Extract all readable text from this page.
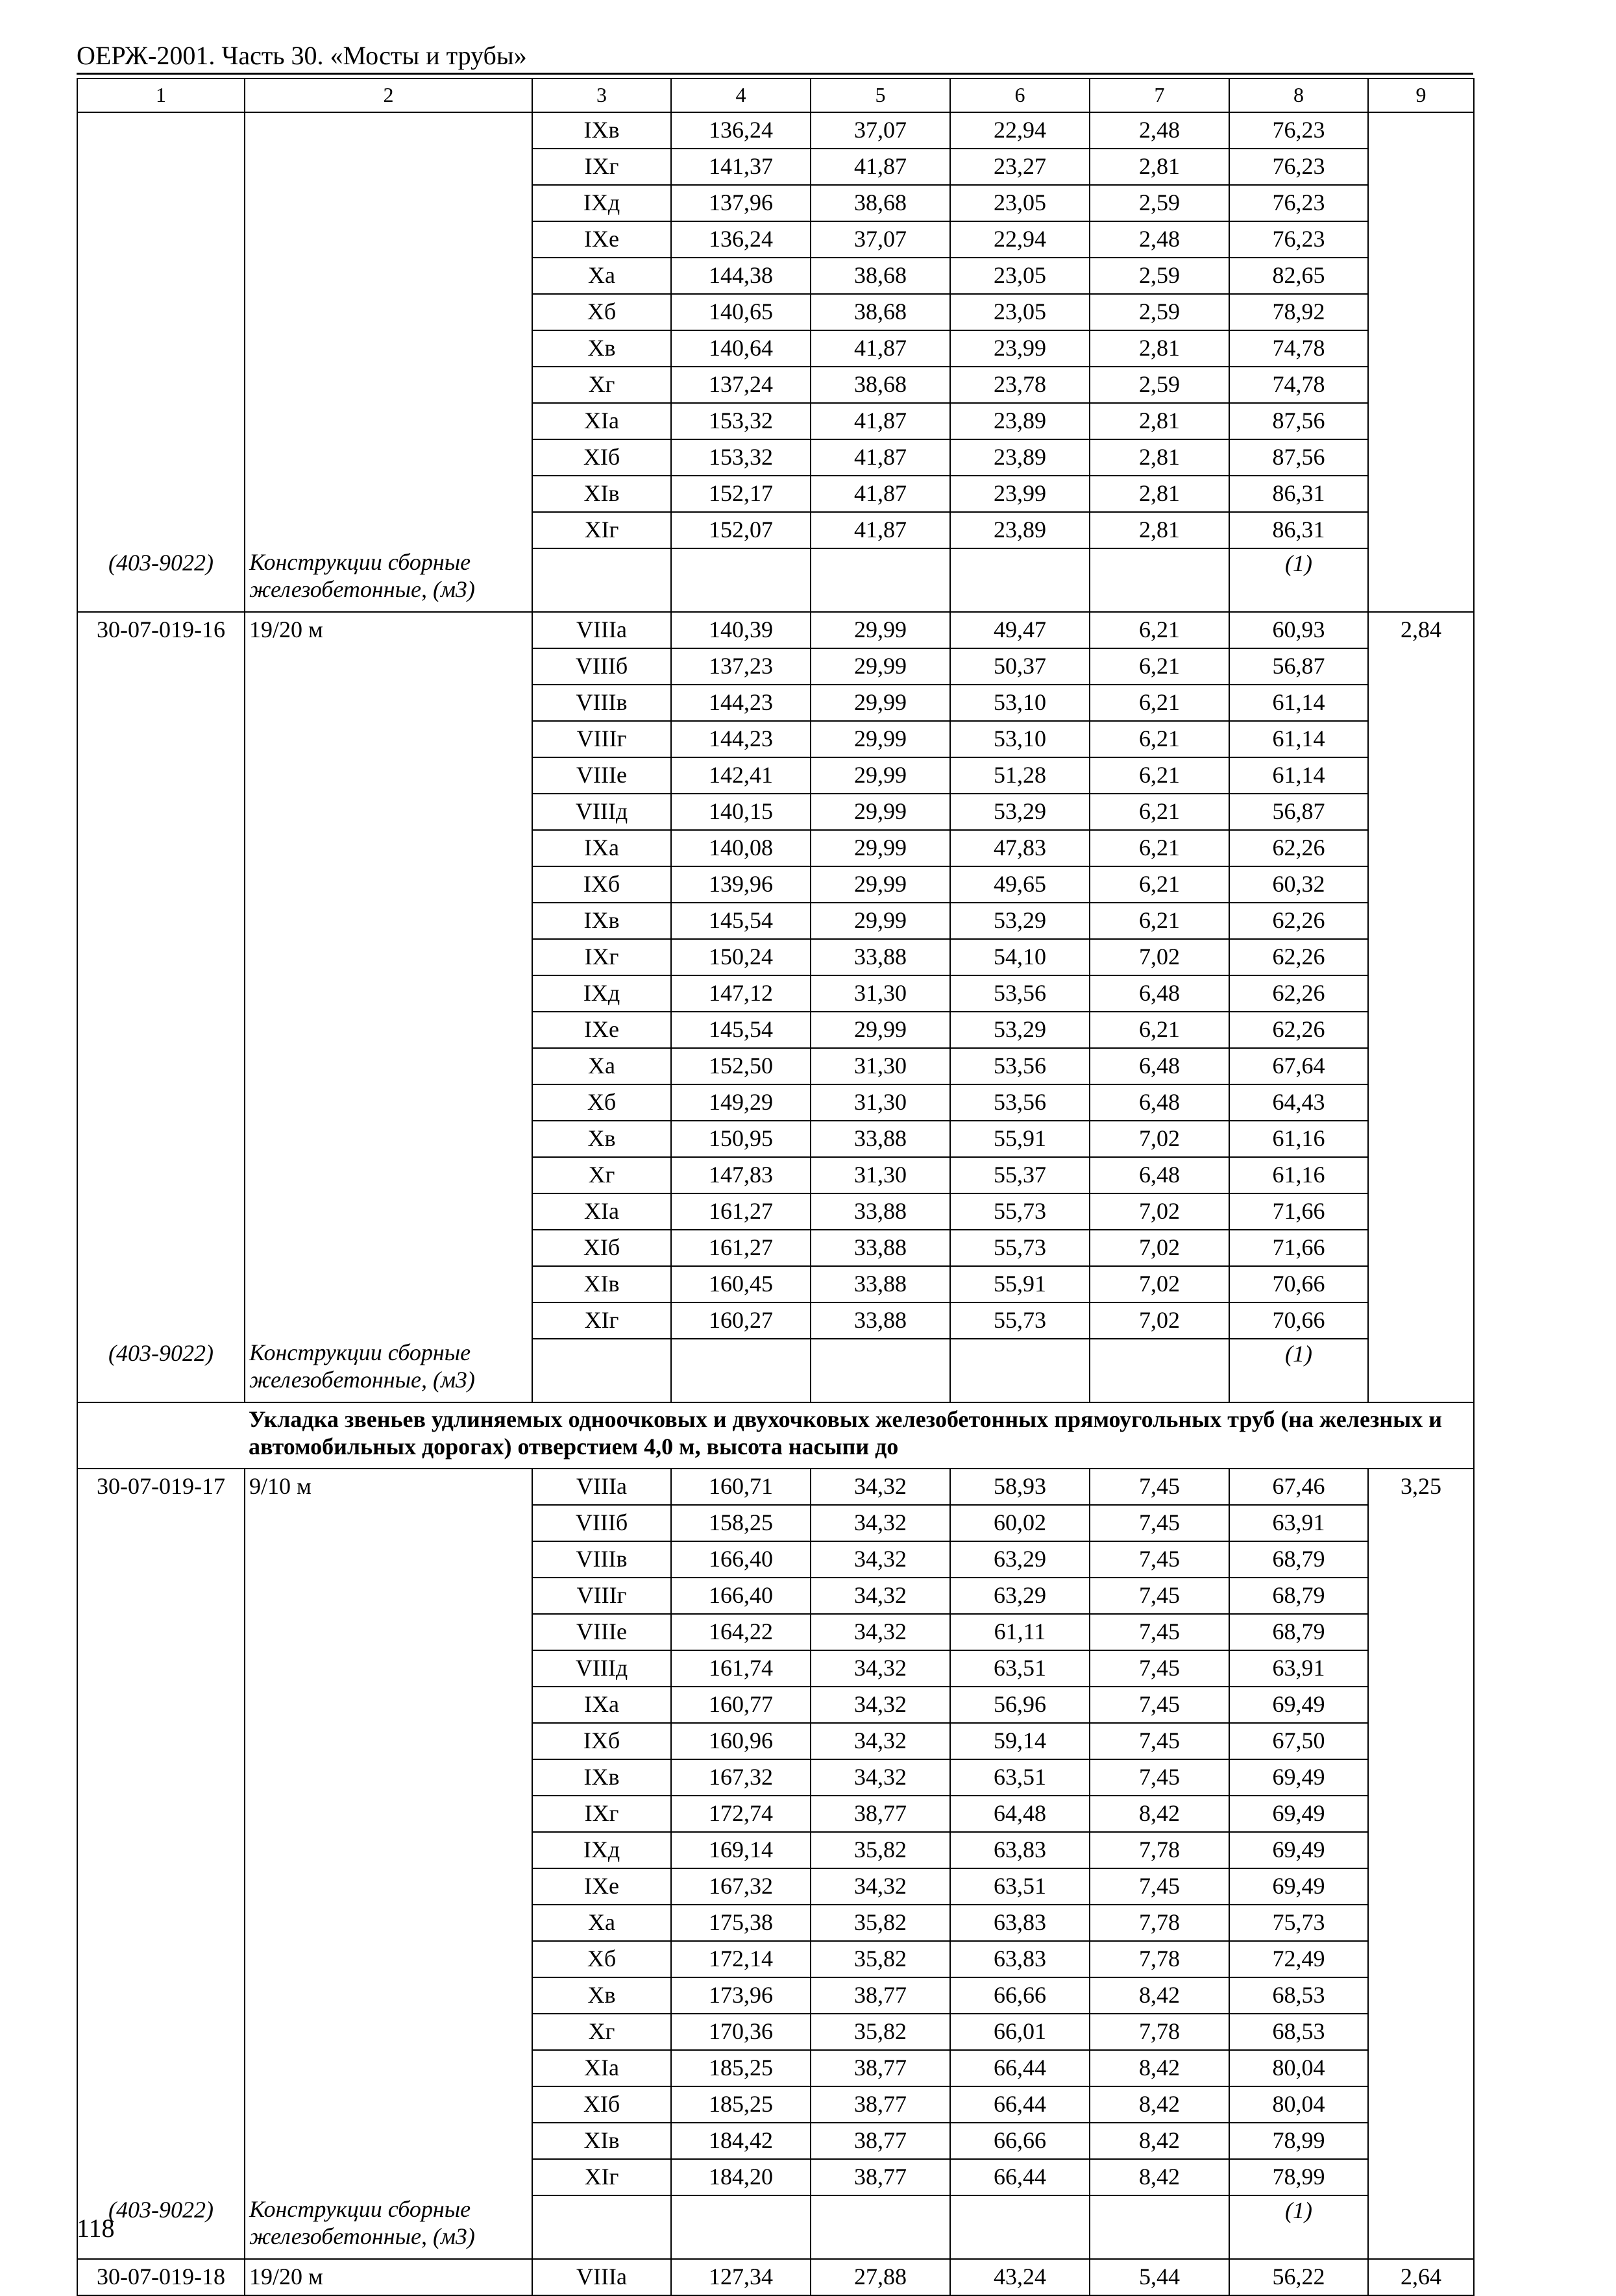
ОЕРЖ-2001. Часть 30. «Мосты и трубы»
1	2	3	4	5	6	7	8	9
		IXв	136,24	37,07	22,94	2,48	76,23	
		IXг	141,37	41,87	23,27	2,81	76,23	
		IXд	137,96	38,68	23,05	2,59	76,23	
		IXе	136,24	37,07	22,94	2,48	76,23	
		Xа	144,38	38,68	23,05	2,59	82,65	
		Xб	140,65	38,68	23,05	2,59	78,92	
		Xв	140,64	41,87	23,99	2,81	74,78	
		Xг	137,24	38,68	23,78	2,59	74,78	
		XIа	153,32	41,87	23,89	2,81	87,56	
		XIб	153,32	41,87	23,89	2,81	87,56	
		XIв	152,17	41,87	23,99	2,81	86,31	
		XIг	152,07	41,87	23,89	2,81	86,31	
(403-9022)	Конструкции сборные железобетонные, (м3)						(1)	
30-07-019-16	19/20 м	VIIIа	140,39	29,99	49,47	6,21	60,93	2,84
		VIIIб	137,23	29,99	50,37	6,21	56,87	
		VIIIв	144,23	29,99	53,10	6,21	61,14	
		VIIIг	144,23	29,99	53,10	6,21	61,14	
		VIIIе	142,41	29,99	51,28	6,21	61,14	
		VIIIд	140,15	29,99	53,29	6,21	56,87	
		IXа	140,08	29,99	47,83	6,21	62,26	
		IXб	139,96	29,99	49,65	6,21	60,32	
		IXв	145,54	29,99	53,29	6,21	62,26	
		IXг	150,24	33,88	54,10	7,02	62,26	
		IXд	147,12	31,30	53,56	6,48	62,26	
		IXе	145,54	29,99	53,29	6,21	62,26	
		Xа	152,50	31,30	53,56	6,48	67,64	
		Xб	149,29	31,30	53,56	6,48	64,43	
		Xв	150,95	33,88	55,91	7,02	61,16	
		Xг	147,83	31,30	55,37	6,48	61,16	
		XIа	161,27	33,88	55,73	7,02	71,66	
		XIб	161,27	33,88	55,73	7,02	71,66	
		XIв	160,45	33,88	55,91	7,02	70,66	
		XIг	160,27	33,88	55,73	7,02	70,66	
(403-9022)	Конструкции сборные железобетонные, (м3)						(1)	
	Укладка звеньев удлиняемых одноочковых и двухочковых железобетонных прямоугольных труб (на железных и автомобильных дорогах) отверстием 4,0 м, высота насыпи до							
30-07-019-17	9/10 м	VIIIа	160,71	34,32	58,93	7,45	67,46	3,25
		VIIIб	158,25	34,32	60,02	7,45	63,91	
		VIIIв	166,40	34,32	63,29	7,45	68,79	
		VIIIг	166,40	34,32	63,29	7,45	68,79	
		VIIIе	164,22	34,32	61,11	7,45	68,79	
		VIIIд	161,74	34,32	63,51	7,45	63,91	
		IXа	160,77	34,32	56,96	7,45	69,49	
		IXб	160,96	34,32	59,14	7,45	67,50	
		IXв	167,32	34,32	63,51	7,45	69,49	
		IXг	172,74	38,77	64,48	8,42	69,49	
		IXд	169,14	35,82	63,83	7,78	69,49	
		IXе	167,32	34,32	63,51	7,45	69,49	
		Xа	175,38	35,82	63,83	7,78	75,73	
		Xб	172,14	35,82	63,83	7,78	72,49	
		Xв	173,96	38,77	66,66	8,42	68,53	
		Xг	170,36	35,82	66,01	7,78	68,53	
		XIа	185,25	38,77	66,44	8,42	80,04	
		XIб	185,25	38,77	66,44	8,42	80,04	
		XIв	184,42	38,77	66,66	8,42	78,99	
		XIг	184,20	38,77	66,44	8,42	78,99	
(403-9022)	Конструкции сборные железобетонные, (м3)						(1)	
30-07-019-18	19/20 м	VIIIа	127,34	27,88	43,24	5,44	56,22	2,64
118
